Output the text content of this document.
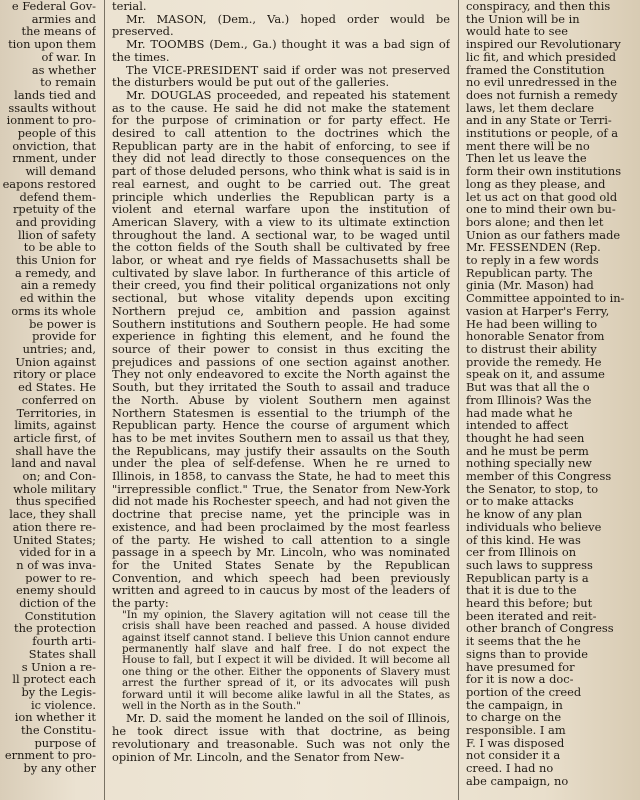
e Federal Gov-
armies and
the means of
tion upon them
of war. In
as whether
to remain
lands tied and
ssaults without
ionment to pro-
people of this
onviction, that
rnment, under
will demand
eapons restored
defend them-
rpetuity of the
and providing
llion of safety
to be able to
this Union for
a remedy, and
ain a remedy
ed within the
orms its whole
be power is
provide for
untries; and,
Union against
ritory or place
ed States. He
conferred on
Territories, in
limits, against
article first, of
shall have the
land and naval
on; and Con-
whole military
thus specified
lace, they shall
ation there re-
United States;
vided for in a
n of was inva-
power to re-
enemy should
diction of the
Constitution
the protection
fourth arti-
States shall
s Union a re-
ll protect each
by the Legis-
ic violence.
ion whether it
the Constitu-
purpose of
ernment to pro-
by any other

terial.

Mr. MASON, (Dem., Va.) hoped order would be preserved.

Mr. TOOMBS (Dem., Ga.) thought it was a bad sign of the times.

The VICE-PRESIDENT said if order was not preserved the disturbers would be put out of the galleries.

Mr. DOUGLAS proceeded, and repeated his statement as to the cause. He said he did not make the statement for the purpose of crimination or for party effect. He desired to call attention to the doctrines which the Republican party are in the habit of enforcing, to see if they did not lead directly to those consequences on the part of those deluded persons, who think what is said is in real earnest, and ought to be carried out. The great principle which underlies the Republican party is a violent and eternal warfare upon the institution of American Slavery, with a view to its ultimate extinction throughout the land. A sectional war, to be waged until the cotton fields of the South shall be cultivated by free labor, or wheat and rye fields of Massachusetts shall be cultivated by slave labor. In furtherance of this article of their creed, you find their political organizations not only sectional, but whose vitality depends upon exciting Northern prejud ce, ambition and passion against Southern institutions and Southern people. He had some experience in fighting this element, and he found the source of their power to consist in thus exciting the prejudices and passions of one section against another. They not only endeavored to excite the North against the South, but they irritated the South to assail and traduce the North. Abuse by violent Southern men against Northern Statesmen is essential to the triumph of the Republican party. Hence the course of argument which has to be met invites Southern men to assail us that they, the Republicans, may justify their assaults on the South under the plea of self-defense. When he re urned to Illinois, in 1858, to canvass the State, he had to meet this "irrepressible conflict." True, the Senator from New-York did not made his Rochester speech, and had not given the doctrine that precise name, yet the principle was in existence, and had been proclaimed by the most fearless of the party. He wished to call attention to a single passage in a speech by Mr. Lincoln, who was nominated for the United States Senate by the Republican Convention, and which speech had been previously written and agreed to in caucus by most of the leaders of the party:

"In my opinion, the Slavery agitation will not cease till the crisis shall have been reached and passed. A house divided against itself cannot stand. I believe this Union cannot endure permanently half slave and half free. I do not expect the House to fall, but I expect it will be divided. It will become all one thing or the other. Either the opponents of Slavery must arrest the further spread of it, or its advocates will push forward until it will become alike lawful in all the States, as well in the North as in the South."

Mr. D. said the moment he landed on the soil of Illinois, he took direct issue with that doctrine, as being revolutionary and treasonable. Such was not only the opinion of Mr. Lincoln, and the Senator from New-

conspiracy, and then this
the Union will be in
would hate to see
inspired our Revolutionary
lic fit, and which presided
framed the Constitution
no evil unredressed in the
does not furnish a remedy
laws, let them declare
and in any State or Terri-
institutions or people, of a
ment there will be no
Then let us leave the
form their own institutions
long as they please, and
let us act on that good old
one to mind their own bu-
bors alone; and then let
Union as our fathers made
Mr. FESSENDEN (Rep.
to reply in a few words
Republican party. The
ginia (Mr. Mason) had
Committee appointed to in-
vasion at Harper's Ferry,
He had been willing to
honorable Senator from
to distrust their ability
provide the remedy. He
speak on it, and assume
But was that all the o
from Illinois? Was the
had made what he
intended to affect
thought he had seen
and he must be perm
nothing specially new
member of this Congress
the Senator, to stop, to
or to make attacks
he know of any plan
individuals who believe
of this kind. He was
cer from Illinois on
such laws to suppress
Republican party is a
that it is due to the
heard this before; but
been iterated and reit-
other branch of Congress
it seems that the he
signs than to provide
have presumed for
for it is now a doc-
portion of the creed
the campaign, in
to charge on the
responsible. I am
F. I was disposed
not consider it a
creed. I had no
abe campaign, no
